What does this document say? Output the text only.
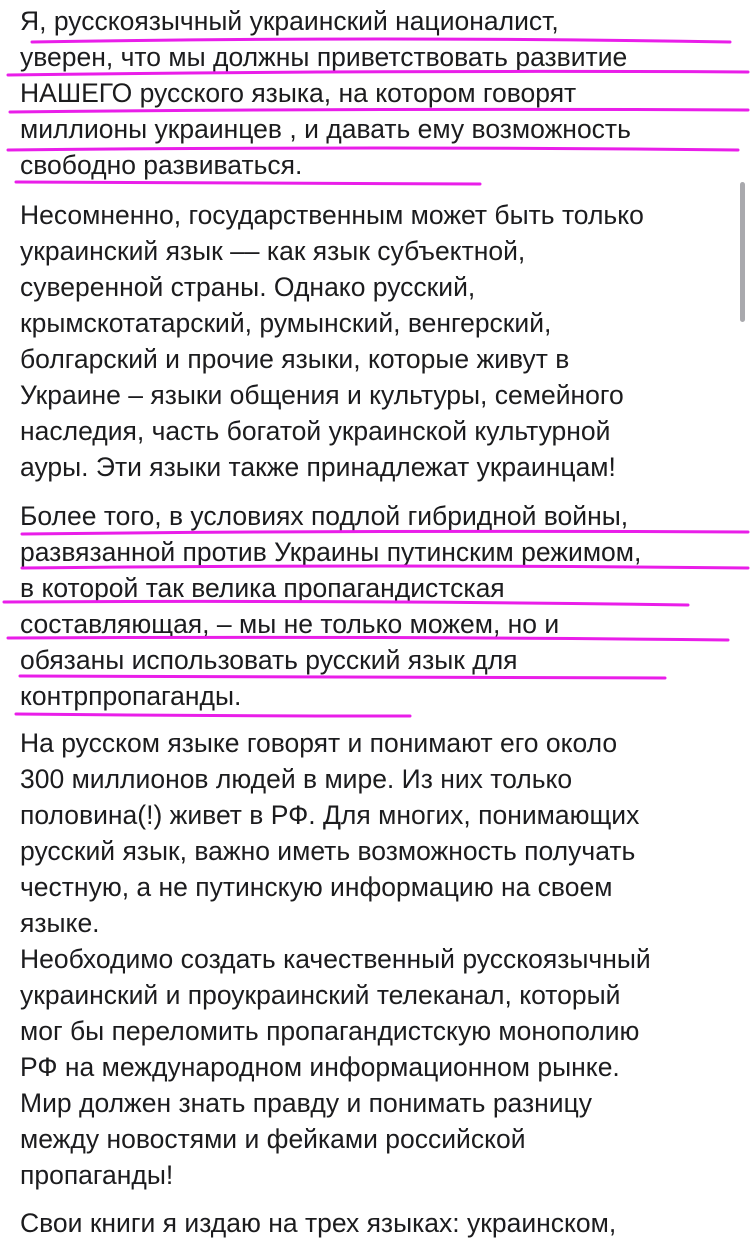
Я, русскоязычный украинский националист,
уверен, что мы должны приветствовать развитие
НАШЕГО русского языка, на котором говорят
миллионы украинцев , и давать ему возможность
свободно развиваться.

Несомненно, государственным может быть только
украинский язык –– как язык субъектной,
суверенной страны. Однако русский,
крымскотатарский, румынский, венгерский,
болгарский и прочие языки, которые живут в
Украине – языки общения и культуры, семейного
наследия, часть богатой украинской культурной
ауры. Эти языки также принадлежат украинцам!

Более того, в условиях подлой гибридной войны,
развязанной против Украины путинским режимом,
в которой так велика пропагандистская
составляющая, – мы не только можем, но и
обязаны использовать русский язык для
контрпропаганды.

На русском языке говорят и понимают его около
300 миллионов людей в мире. Из них только
половина(!) живет в РФ. Для многих, понимающих
русский язык, важно иметь возможность получать
честную, а не путинскую информацию на своем
языке.
Необходимо создать качественный русскоязычный
украинский и проукраинский телеканал, который
мог бы переломить пропагандистскую монополию
РФ на международном информационном рынке.
Мир должен знать правду и понимать разницу
между новостями и фейками российской
пропаганды!

Свои книги я издаю на трех языках: украинском,
